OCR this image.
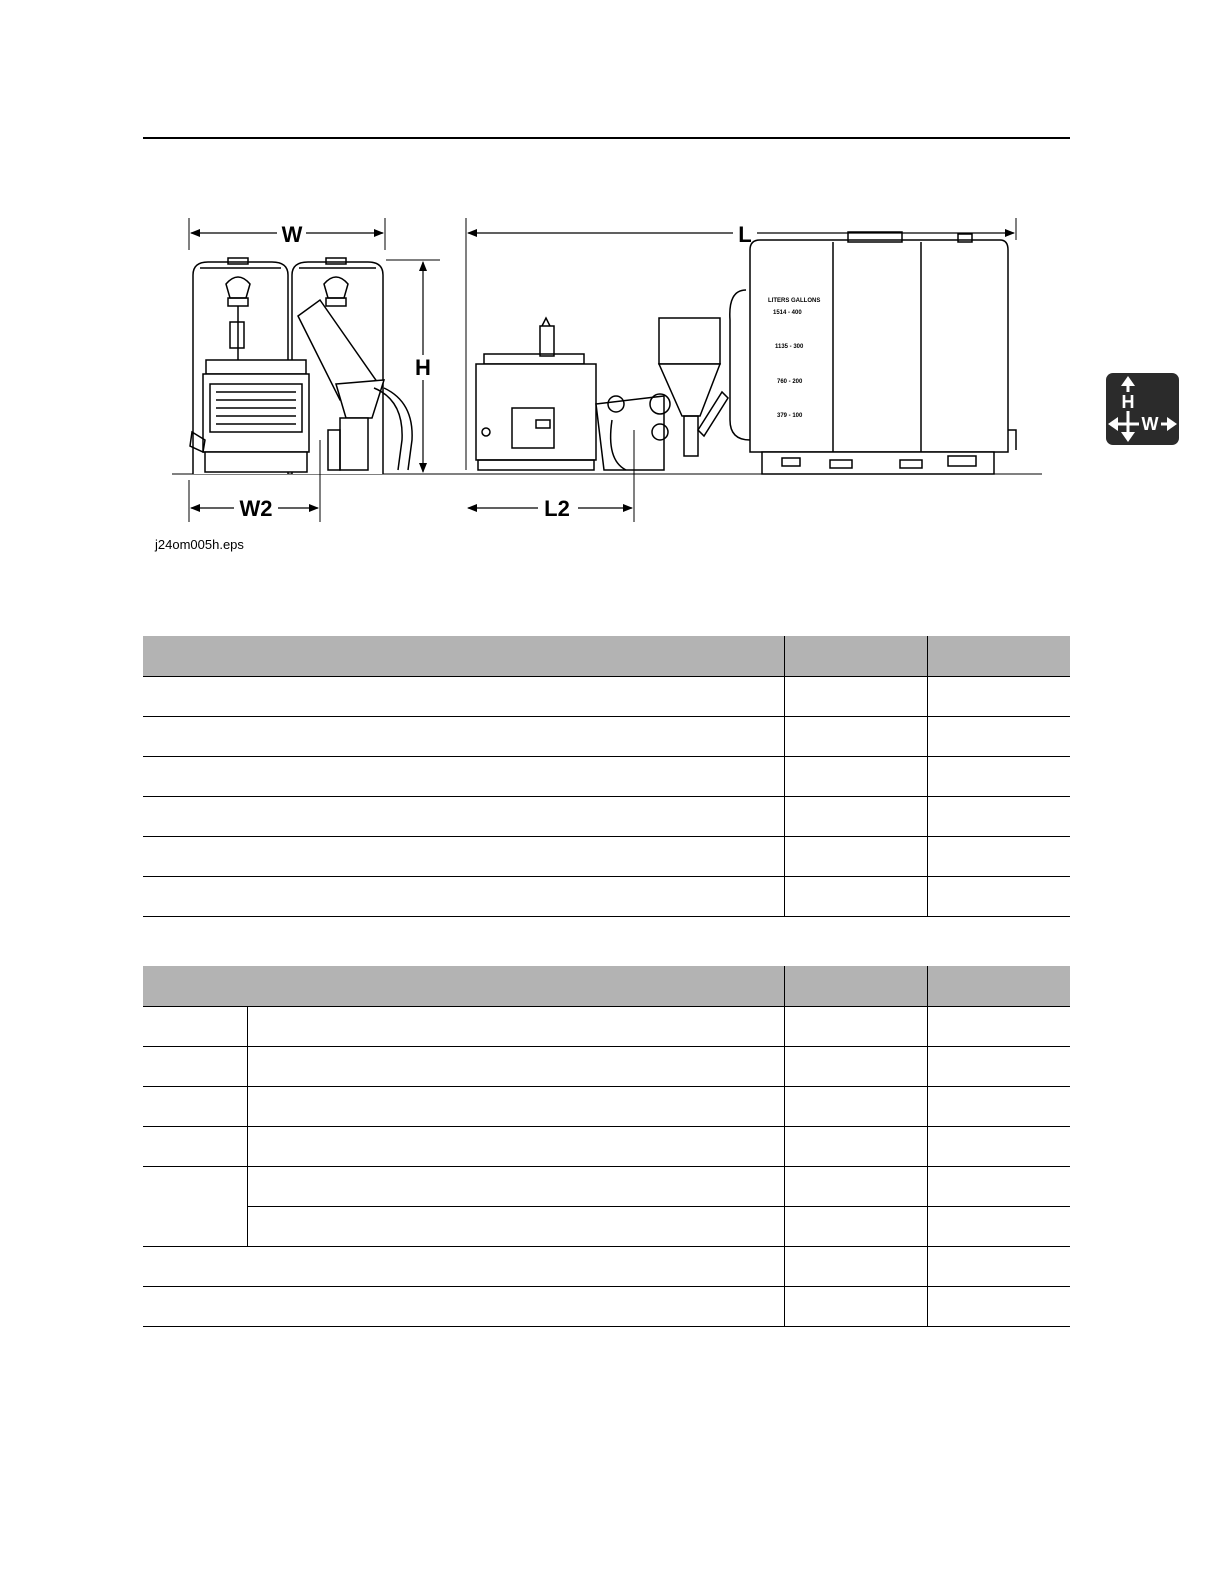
W
H
W2
L
L2
LITERS GALLONS
1514 - 400
1135 - 300
760 - 200
379 - 100
j24om005h.eps
H
W
